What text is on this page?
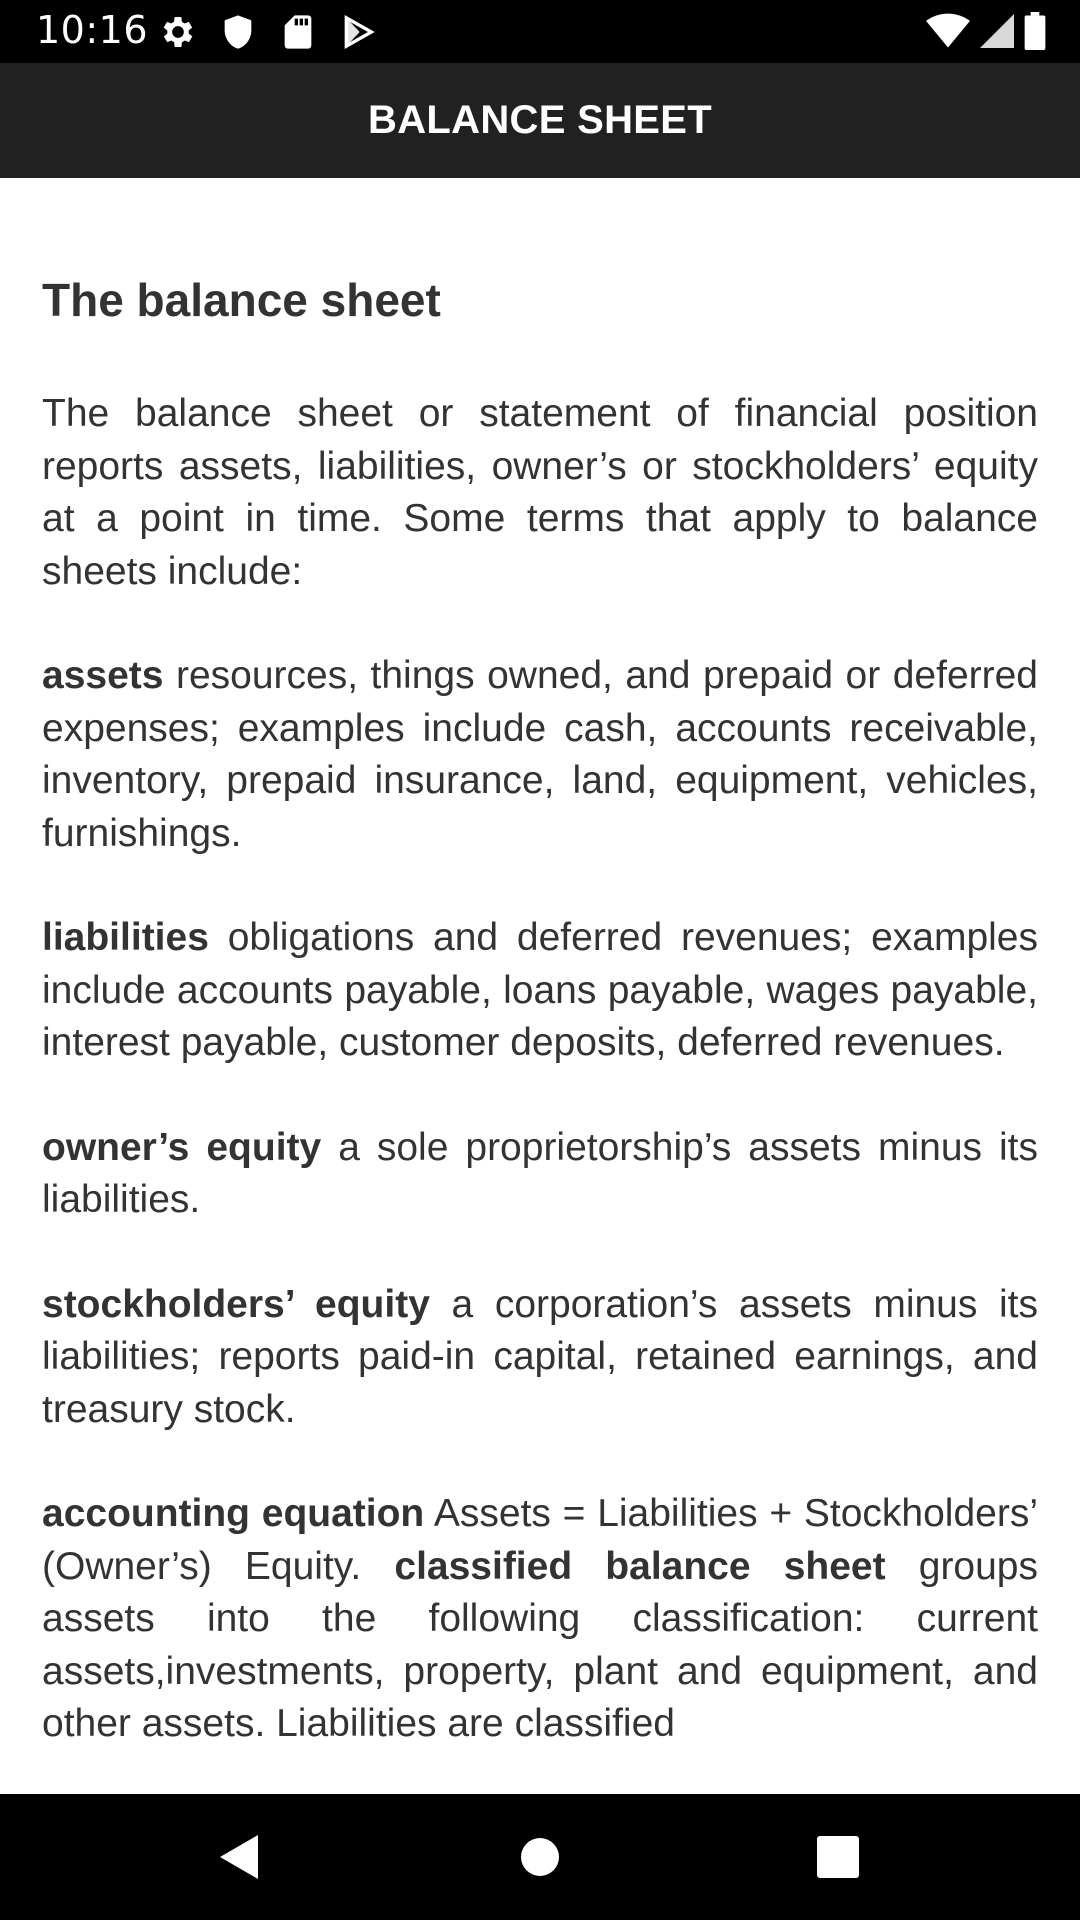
10:16
BALANCE SHEET
The balance sheet

The balance sheet or statement of financial position reports assets, liabilities, owner’s or stockholders’ equity at a point in time. Some terms that apply to balance sheets include:

assets resources, things owned, and prepaid or deferred expenses; examples include cash, accounts receivable, inventory, prepaid insurance, land, equipment, vehicles, furnishings.

liabilities obligations and deferred revenues; examples include accounts payable, loans payable, wages payable, interest payable, customer deposits, deferred revenues.

owner’s equity a sole proprietorship’s assets minus its liabilities.

stockholders’ equity a corporation’s assets minus its liabilities; reports paid-in capital, retained earnings, and treasury stock.

accounting equation Assets = Liabilities + Stockholders’ (Owner’s) Equity. classified balance sheet groups assets into the following classification: current assets,investments, property, plant and equipment, and other assets. Liabilities are classified
